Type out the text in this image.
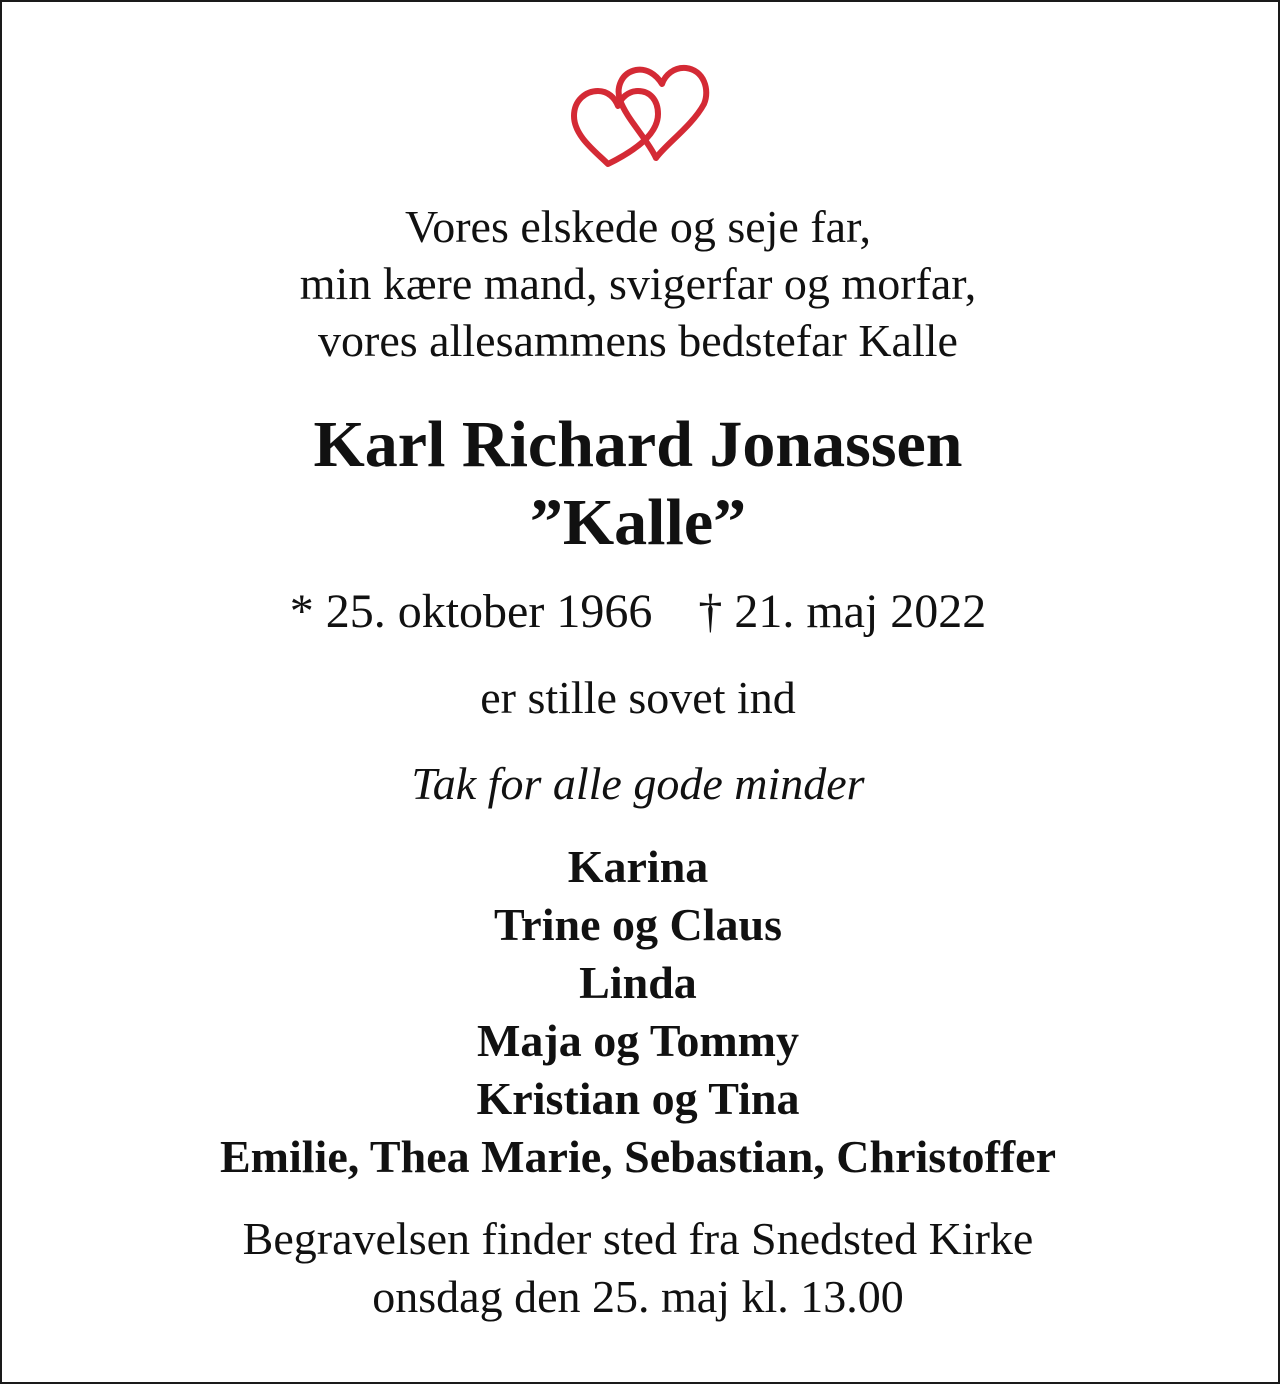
Vores elskede og seje far,
min kære mand, svigerfar og morfar,
vores allesammens bedstefar Kalle
Karl Richard Jonassen
”Kalle”
* 25. oktober 1966 † 21. maj 2022
er stille sovet ind
Tak for alle gode minder
Karina
Trine og Claus
Linda
Maja og Tommy
Kristian og Tina
Emilie, Thea Marie, Sebastian, Christoffer
Begravelsen finder sted fra Snedsted Kirke
onsdag den 25. maj kl. 13.00
